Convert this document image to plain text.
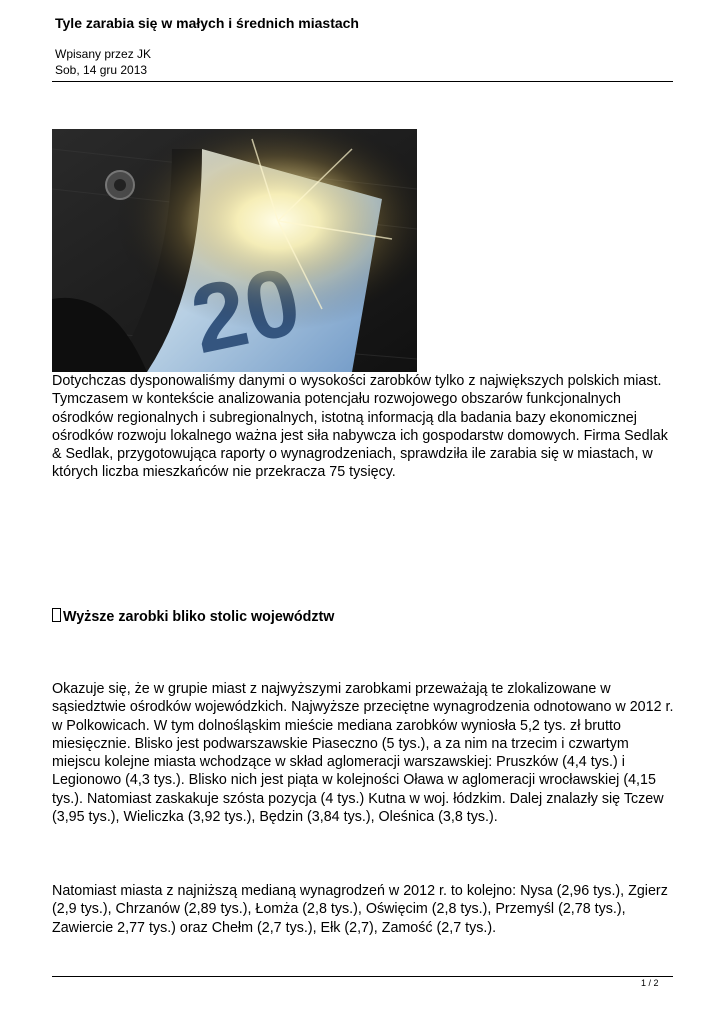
Tyle zarabia się w małych i średnich miastach
Wpisany przez JK
Sob, 14 gru 2013

Dotychczas dysponowaliśmy danymi o wysokości zarobków tylko z największych polskich miast. Tymczasem w kontekście analizowania potencjału rozwojowego obszarów funkcjonalnych ośrodków regionalnych i subregionalnych, istotną informacją dla badania bazy ekonomicznej ośrodków rozwoju lokalnego ważna jest siła nabywcza ich gospodarstw domowych. Firma Sedlak & Sedlak, przygotowująca raporty o wynagrodzeniach, sprawdziła ile zarabia się w miastach, w których liczba mieszkańców nie przekracza 75 tysięcy.

Wyższe zarobki bliko stolic województw

Okazuje się, że w grupie miast z najwyższymi zarobkami przeważają te zlokalizowane w sąsiedztwie ośrodków wojewódzkich. Najwyższe przeciętne wynagrodzenia odnotowano w 2012 r. w Polkowicach. W tym dolnośląskim mieście mediana zarobków wyniosła 5,2 tys. zł brutto miesięcznie. Blisko jest podwarszawskie Piaseczno (5 tys.), a za nim na trzecim i czwartym miejscu kolejne miasta wchodzące w skład aglomeracji warszawskiej: Pruszków (4,4 tys.) i Legionowo (4,3 tys.). Blisko nich jest piąta w kolejności Oława w aglomeracji wrocławskiej (4,15 tys.). Natomiast zaskakuje szósta pozycja (4 tys.) Kutna w woj. łódzkim. Dalej znalazły się Tczew (3,95 tys.), Wieliczka (3,92 tys.), Będzin (3,84 tys.), Oleśnica (3,8 tys.).

Natomiast miasta z najniższą medianą wynagrodzeń w 2012 r. to kolejno: Nysa (2,96 tys.), Zgierz (2,9 tys.), Chrzanów (2,89 tys.), Łomża (2,8 tys.), Oświęcim (2,8 tys.), Przemyśl (2,78 tys.), Zawiercie 2,77 tys.) oraz Chełm (2,7 tys.), Ełk (2,7), Zamość (2,7 tys.).

1 / 2
